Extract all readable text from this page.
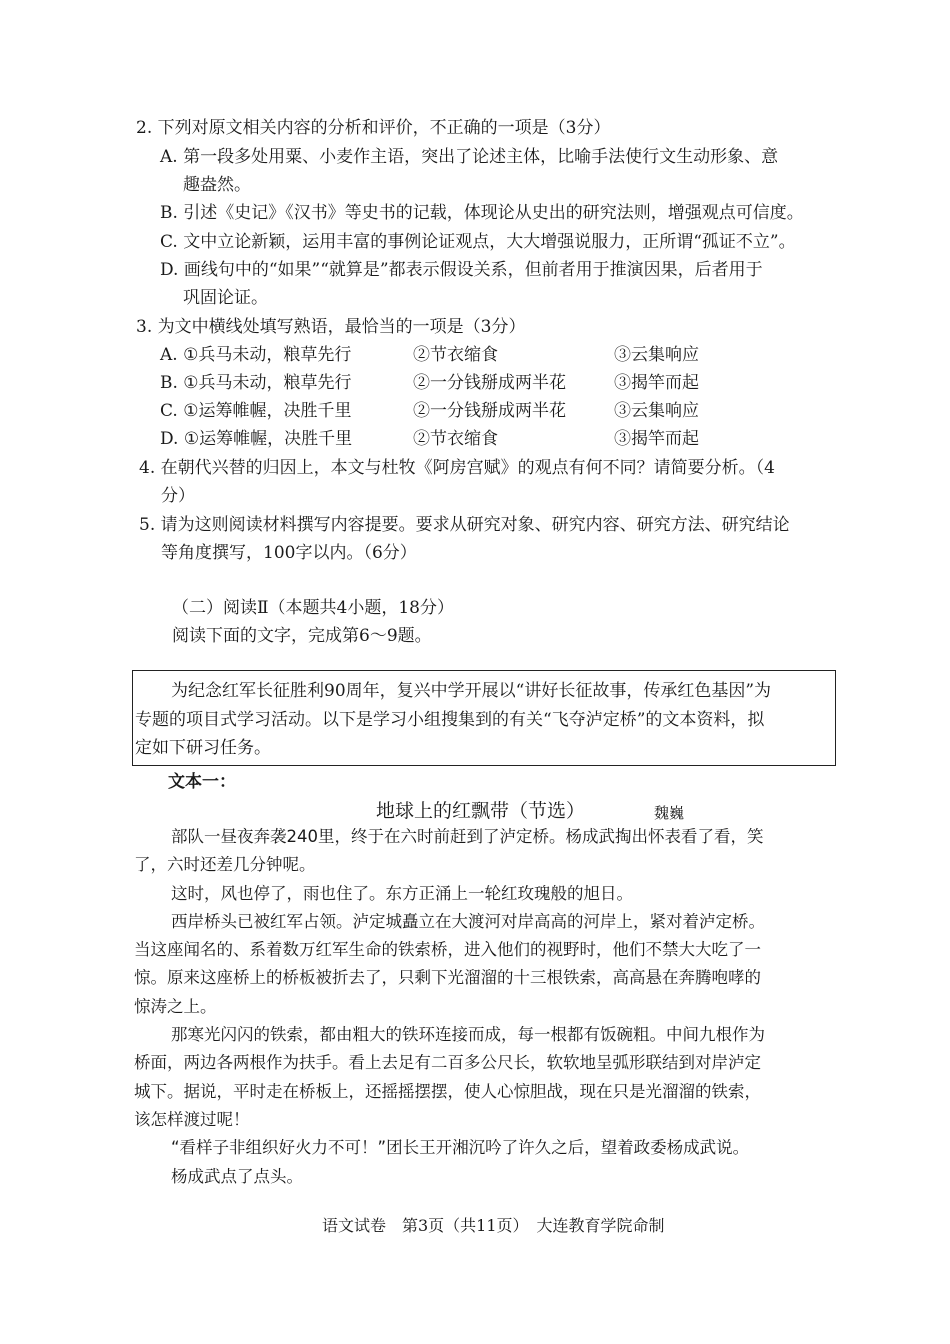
2. 下列对原文相关内容的分析和评价，不正确的一项是（3分）
A. 第一段多处用粟、小麦作主语，突出了论述主体，比喻手法使行文生动形象、意
趣盎然。
B. 引述《史记》《汉书》等史书的记载，体现论从史出的研究法则，增强观点可信度。
C. 文中立论新颖，运用丰富的事例论证观点，大大增强说服力，正所谓“孤证不立”。
D. 画线句中的“如果”“就算是”都表示假设关系，但前者用于推演因果，后者用于
巩固论证。
3. 为文中横线处填写熟语，最恰当的一项是（3分）
A. ①兵马未动，粮草先行	②节衣缩食	③云集响应
B. ①兵马未动，粮草先行	②一分钱掰成两半花	③揭竿而起
C. ①运筹帷幄，决胜千里	②一分钱掰成两半花	③云集响应
D. ①运筹帷幄，决胜千里	②节衣缩食	③揭竿而起
4. 在朝代兴替的归因上，本文与杜牧《阿房宫赋》的观点有何不同？请简要分析。（4
分）
5. 请为这则阅读材料撰写内容提要。要求从研究对象、研究内容、研究方法、研究结论
等角度撰写，100字以内。（6分）
（二）阅读Ⅱ（本题共4小题，18分）
阅读下面的文字，完成第6～9题。
为纪念红军长征胜利90周年，复兴中学开展以“讲好长征故事，传承红色基因”为
专题的项目式学习活动。以下是学习小组搜集到的有关“飞夺泸定桥”的文本资料，拟
定如下研习任务。
文本一：
地球上的红飘带（节选）	魏巍
部队一昼夜奔袭240里，终于在六时前赶到了泸定桥。杨成武掏出怀表看了看，笑
了，六时还差几分钟呢。
这时，风也停了，雨也住了。东方正涌上一轮红玫瑰般的旭日。
西岸桥头已被红军占领。泸定城矗立在大渡河对岸高高的河岸上，紧对着泸定桥。
当这座闻名的、系着数万红军生命的铁索桥，进入他们的视野时，他们不禁大大吃了一
惊。原来这座桥上的桥板被折去了，只剩下光溜溜的十三根铁索，高高悬在奔腾咆哮的
惊涛之上。
那寒光闪闪的铁索，都由粗大的铁环连接而成，每一根都有饭碗粗。中间九根作为
桥面，两边各两根作为扶手。看上去足有二百多公尺长，软软地呈弧形联结到对岸泸定
城下。据说，平时走在桥板上，还摇摇摆摆，使人心惊胆战，现在只是光溜溜的铁索，
该怎样渡过呢！
“看样子非组织好火力不可！”团长王开湘沉吟了许久之后，望着政委杨成武说。
杨成武点了点头。
语文试卷　第3页（共11页）　大连教育学院命制
